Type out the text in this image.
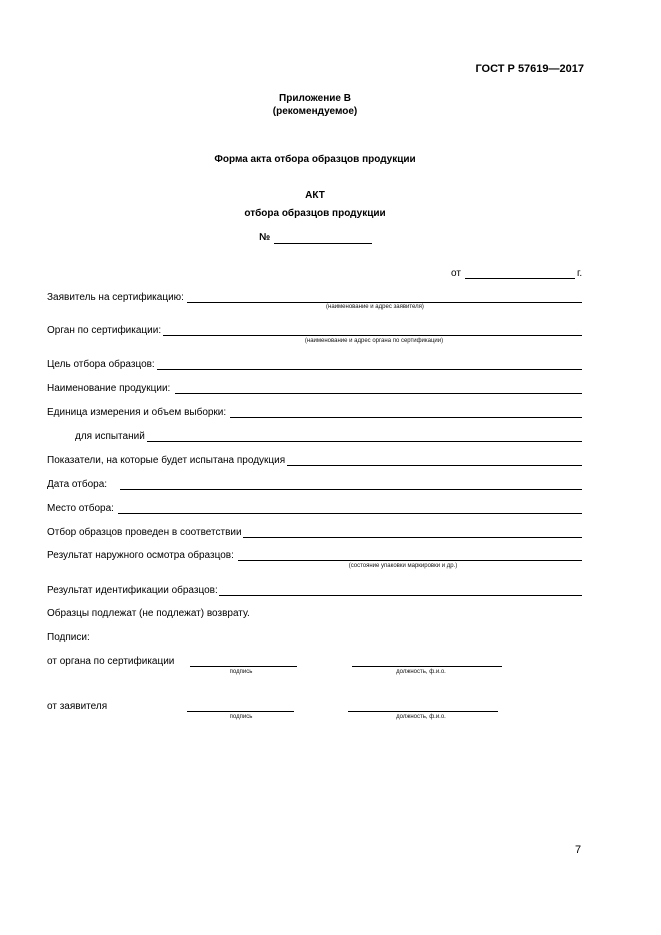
ГОСТ Р 57619—2017
Приложение В
(рекомендуемое)
Форма акта отбора образцов продукции
АКТ
отбора образцов продукции
№
от	г.
Заявитель на сертификацию:
(наименование и адрес заявителя)
Орган по сертификации:
(наименование и адрес органа по сертификации)
Цель отбора образцов:
Наименование продукции:
Единица измерения и объем выборки:
для испытаний
Показатели, на которые будет испытана продукция
Дата отбора:
Место отбора:
Отбор образцов проведен в соответствии
Результат наружного осмотра образцов:
(состояние упаковки маркировки и др.)
Результат идентификации образцов:
Образцы подлежат (не подлежат) возврату.
Подписи:
от органа по сертификации
подпись	должность, ф.и.о.
от заявителя
подпись	должность, ф.и.о.
7
